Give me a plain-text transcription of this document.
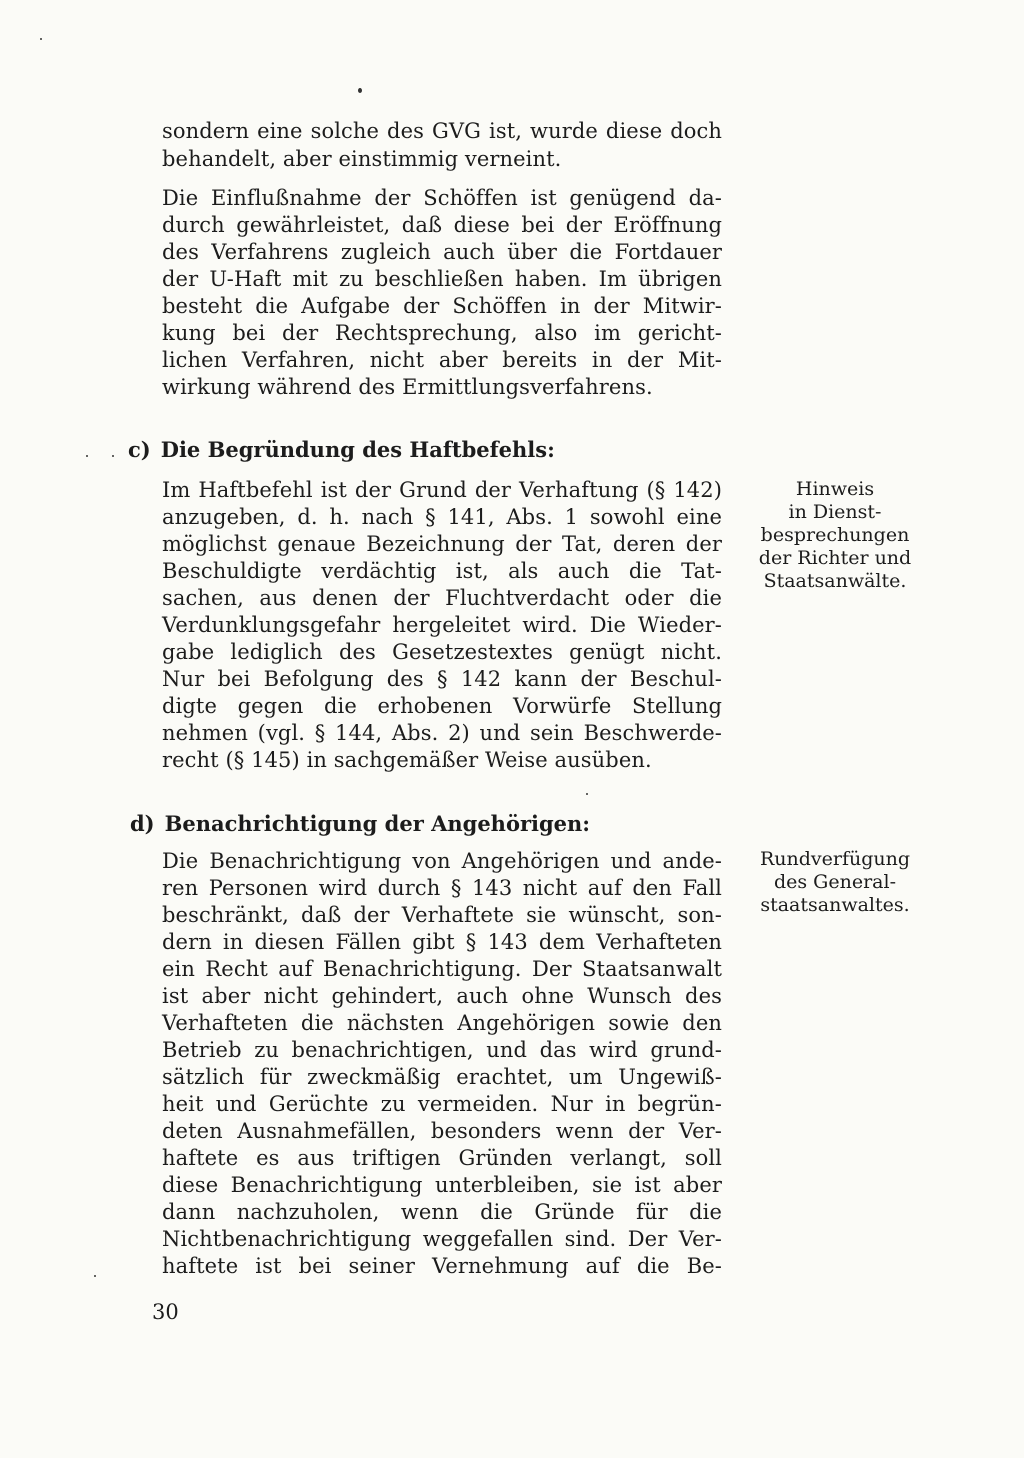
sondern eine solche des GVG ist, wurde diese doch
behandelt, aber einstimmig verneint.
Die Einflußnahme der Schöffen ist genügend da-
durch gewährleistet, daß diese bei der Eröffnung
des Verfahrens zugleich auch über die Fortdauer
der U-Haft mit zu beschließen haben. Im übrigen
besteht die Aufgabe der Schöffen in der Mitwir-
kung bei der Rechtsprechung, also im gericht-
lichen Verfahren, nicht aber bereits in der Mit-
wirkung während des Ermittlungsverfahrens.
c) Die Begründung des Haftbefehls:
Im Haftbefehl ist der Grund der Verhaftung (§ 142)
anzugeben, d. h. nach § 141, Abs. 1 sowohl eine
möglichst genaue Bezeichnung der Tat, deren der
Beschuldigte verdächtig ist, als auch die Tat-
sachen, aus denen der Fluchtverdacht oder die
Verdunklungsgefahr hergeleitet wird. Die Wieder-
gabe lediglich des Gesetzestextes genügt nicht.
Nur bei Befolgung des § 142 kann der Beschul-
digte gegen die erhobenen Vorwürfe Stellung
nehmen (vgl. § 144, Abs. 2) und sein Beschwerde-
recht (§ 145) in sachgemäßer Weise ausüben.
Hinweis
in Dienst-
besprechungen
der Richter und
Staatsanwälte.
d) Benachrichtigung der Angehörigen:
Die Benachrichtigung von Angehörigen und ande-
ren Personen wird durch § 143 nicht auf den Fall
beschränkt, daß der Verhaftete sie wünscht, son-
dern in diesen Fällen gibt § 143 dem Verhafteten
ein Recht auf Benachrichtigung. Der Staatsanwalt
ist aber nicht gehindert, auch ohne Wunsch des
Verhafteten die nächsten Angehörigen sowie den
Betrieb zu benachrichtigen, und das wird grund-
sätzlich für zweckmäßig erachtet, um Ungewiß-
heit und Gerüchte zu vermeiden. Nur in begrün-
deten Ausnahmefällen, besonders wenn der Ver-
haftete es aus triftigen Gründen verlangt, soll
diese Benachrichtigung unterbleiben, sie ist aber
dann nachzuholen, wenn die Gründe für die
Nichtbenachrichtigung weggefallen sind. Der Ver-
haftete ist bei seiner Vernehmung auf die Be-
Rundverfügung
des General-
staatsanwaltes.
30
